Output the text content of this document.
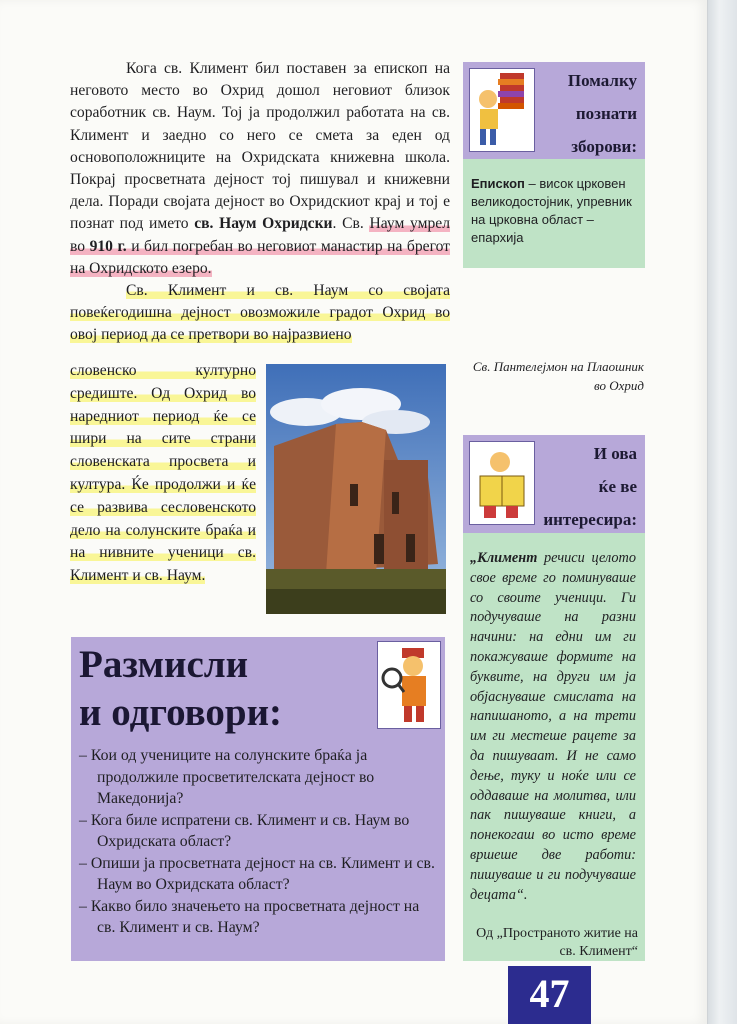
Кога св. Климент бил поставен за епископ на неговото место во Охрид дошол неговиот близок соработник св. Наум. Тој ја продолжил работата на св. Климент и заедно со него се смета за еден од основоположниците на Охридската книжевна школа. Покрај просветната дејност тој пишувал и книжевни дела. Поради својата дејност во Охридскиот крај и тој е познат под името св. Наум Охридски. Св. Наум умрел во 910 г. и бил погребан во неговиот манастир на брегот на Охридското езеро.

Св. Климент и св. Наум со својата повеќегодишна дејност овозможиле градот Охрид во овој период да се претвори во најразвиено

словенско културно средиште. Од Охрид во наредниот период ќе се шири на сите страни словенската просвета и култура. Ќе продолжи и ќе се развива сесловенското дело на солунските браќа и на нивните ученици св. Климент и св. Наум.
Помалку
познати
зборови:
Епископ – висок црковен великодостојник, упревник на црковна област – епархија
Св. Пантелејмон на Плаошник во Охрид
И ова
ќе ве
интересира:
„Климент речиси целото свое време го поминуваше со своите ученици. Ги подучуваше на разни начини: на едни им ги покажуваше формите на буквите, на други им ја објаснуваше смислата на напишаното, а на трети им ги местеше рацете за да пишуваат. И не само дење, туку и ноќе или се оддаваше на молитва, или пак пишуваше книги, а понекогаш во исто време вршеше две работи: пишуваше и ги подучуваше децата“.
Од „Пространото житие на св. Климент“
Размисли
и одговори:
– Кои од учениците на солунските браќа ја продолжиле просветителската дејност во Македонија?
– Кога биле испратени св. Климент и св. Наум во Охридската област?
– Опиши ја просветната дејност на св. Климент и св. Наум во Охридската област?
– Какво било значењето на просветната дејност на св. Климент и св. Наум?
47
